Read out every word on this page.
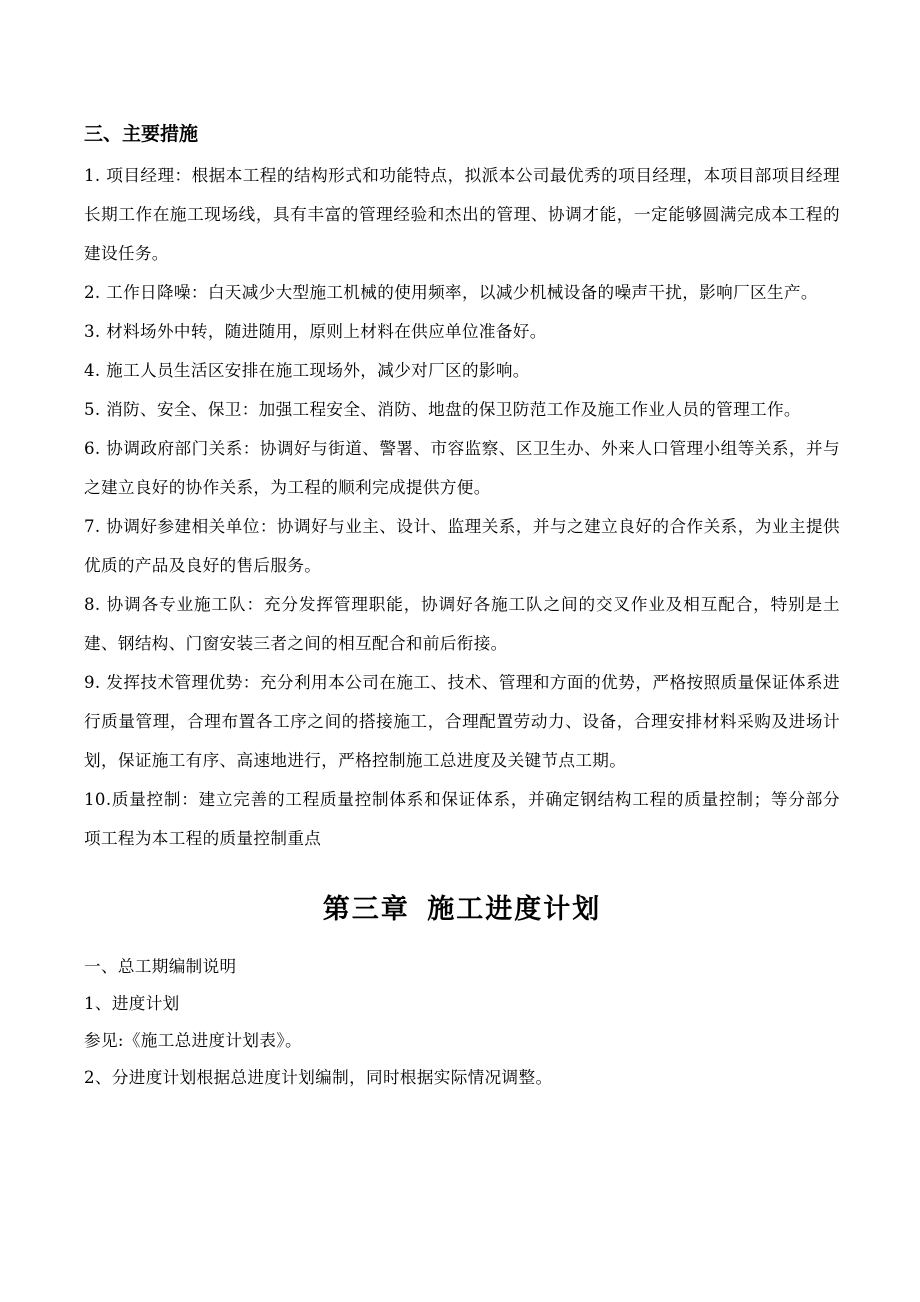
三、主要措施

1. 项目经理：根据本工程的结构形式和功能特点，拟派本公司最优秀的项目经理，本项目部项目经理长期工作在施工现场线，具有丰富的管理经验和杰出的管理、协调才能，一定能够圆满完成本工程的建设任务。

2. 工作日降噪：白天减少大型施工机械的使用频率，以减少机械设备的噪声干扰，影响厂区生产。

3. 材料场外中转，随进随用，原则上材料在供应单位准备好。

4. 施工人员生活区安排在施工现场外，减少对厂区的影响。

5. 消防、安全、保卫：加强工程安全、消防、地盘的保卫防范工作及施工作业人员的管理工作。

6. 协调政府部门关系：协调好与街道、警署、市容监察、区卫生办、外来人口管理小组等关系，并与之建立良好的协作关系，为工程的顺利完成提供方便。

7. 协调好参建相关单位：协调好与业主、设计、监理关系，并与之建立良好的合作关系，为业主提供优质的产品及良好的售后服务。

8. 协调各专业施工队：充分发挥管理职能，协调好各施工队之间的交叉作业及相互配合，特别是土建、钢结构、门窗安装三者之间的相互配合和前后衔接。

9. 发挥技术管理优势：充分利用本公司在施工、技术、管理和方面的优势，严格按照质量保证体系进行质量管理，合理布置各工序之间的搭接施工，合理配置劳动力、设备，合理安排材料采购及进场计划，保证施工有序、高速地进行，严格控制施工总进度及关键节点工期。

10.质量控制：建立完善的工程质量控制体系和保证体系，并确定钢结构工程的质量控制；等分部分项工程为本工程的质量控制重点

第三章 施工进度计划

一、总工期编制说明

1、进度计划

参见:《施工总进度计划表》。

2、分进度计划根据总进度计划编制，同时根据实际情况调整。
